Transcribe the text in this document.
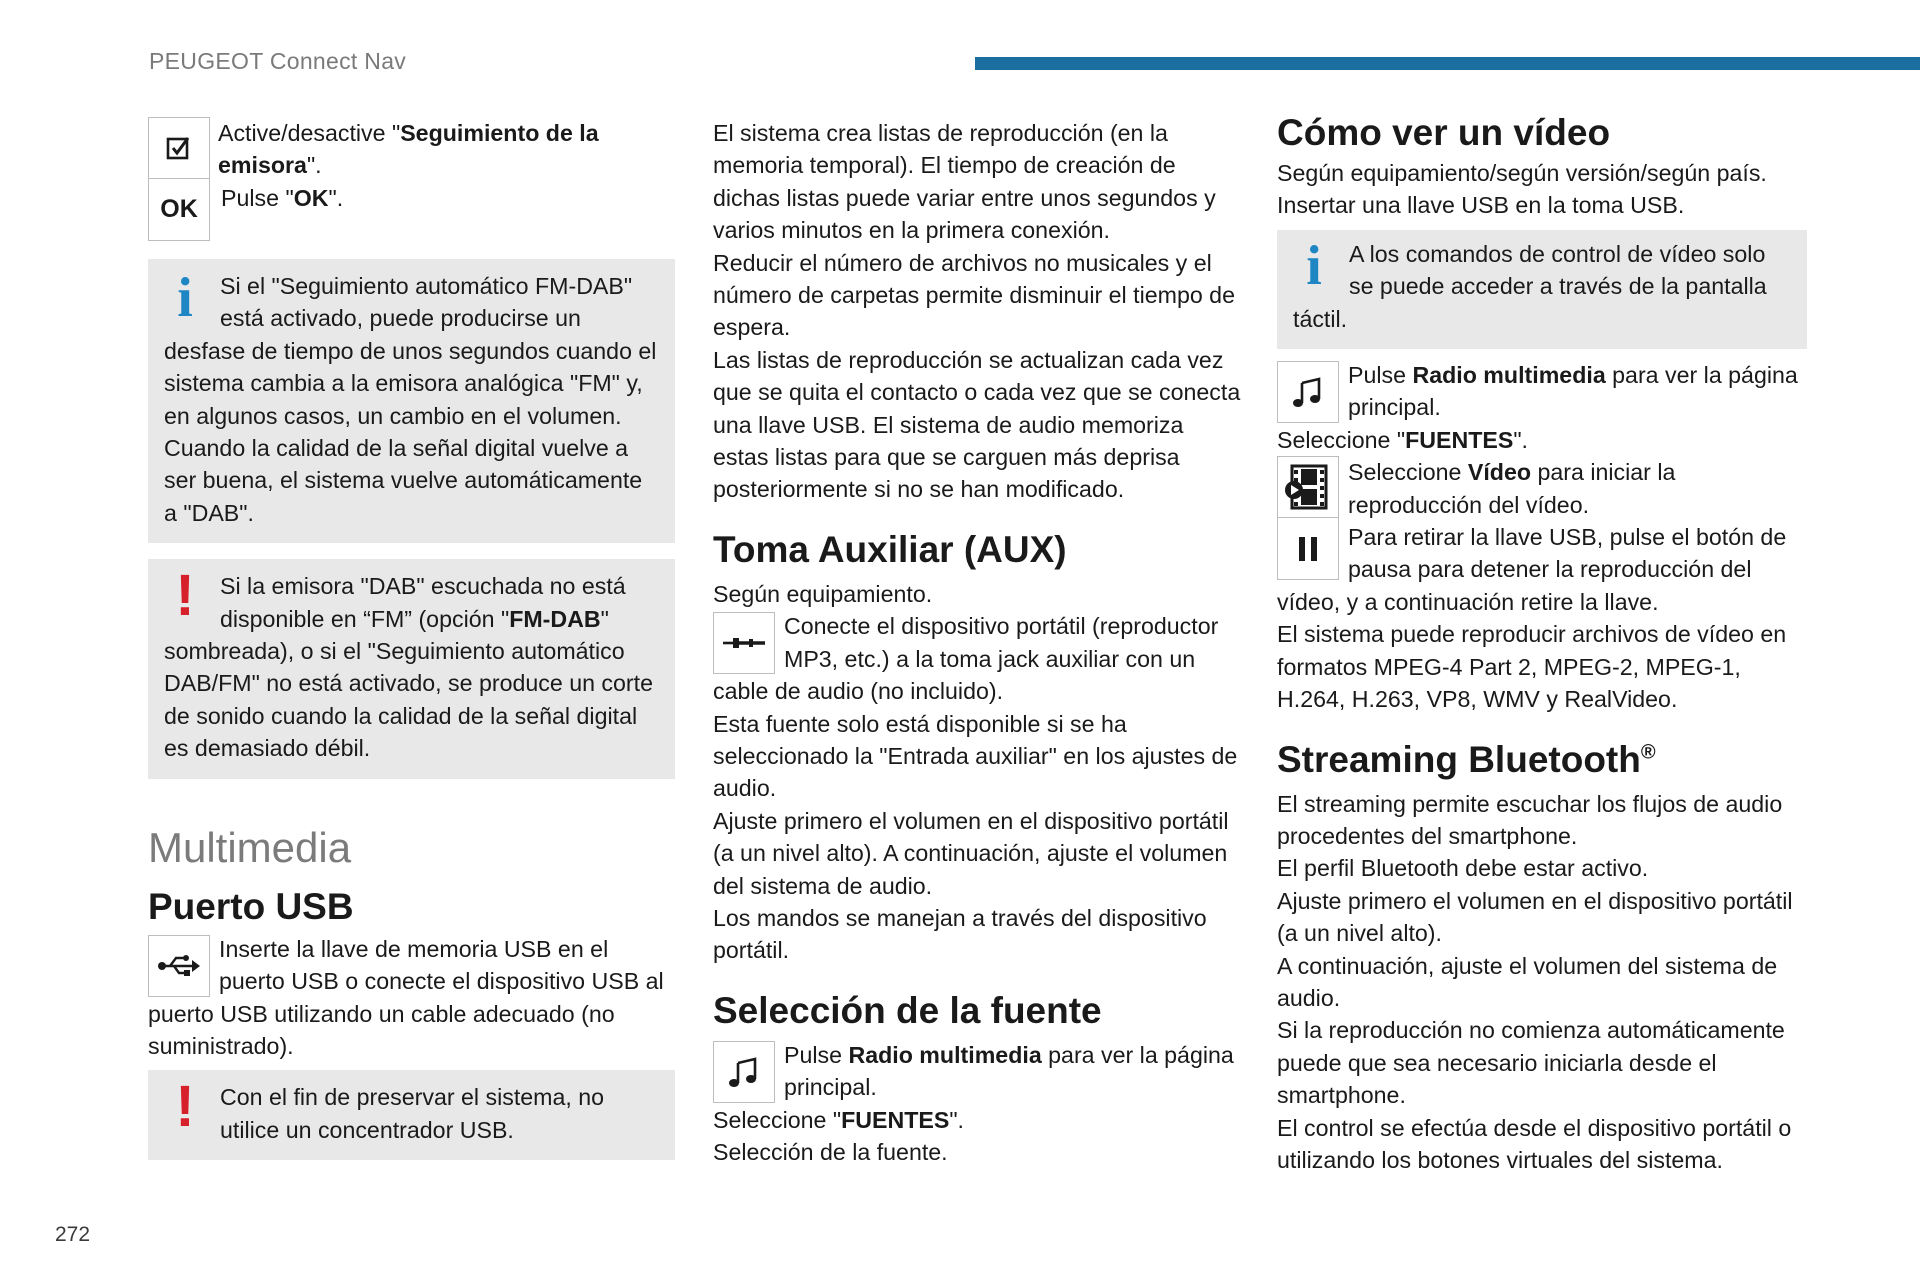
PEUGEOT Connect Nav
OK

Active/desactive "Seguimiento de la emisora".

Pulse "OK".

i	Si el "Seguimiento automático FM-DAB" está activado, puede producirse un desfase de tiempo de unos segundos cuando el sistema cambia a la emisora analógica "FM" y, en algunos casos, un cambio en el volumen.

Cuando la calidad de la señal digital vuelve a ser buena, el sistema vuelve automáticamente a "DAB".

!	Si la emisora "DAB" escuchada no está disponible en “FM” (opción "FM-DAB" sombreada), o si el "Seguimiento automático DAB/FM" no está activado, se produce un corte de sonido cuando la calidad de la señal digital es demasiado débil.

Multimedia
Puerto USB

Inserte la llave de memoria USB en el puerto USB o conecte el dispositivo USB al puerto USB utilizando un cable adecuado (no suministrado).

!	Con el fin de preservar el sistema, no utilice un concentrador USB.

El sistema crea listas de reproducción (en la memoria temporal). El tiempo de creación de dichas listas puede variar entre unos segundos y varios minutos en la primera conexión.

Reducir el número de archivos no musicales y el número de carpetas permite disminuir el tiempo de espera.

Las listas de reproducción se actualizan cada vez que se quita el contacto o cada vez que se conecta una llave USB. El sistema de audio memoriza estas listas para que se carguen más deprisa posteriormente si no se han modificado.

Toma Auxiliar (AUX)

Según equipamiento.

Conecte el dispositivo portátil (reproductor MP3, etc.) a la toma jack auxiliar con un cable de audio (no incluido).

Esta fuente solo está disponible si se ha seleccionado la "Entrada auxiliar" en los ajustes de audio.

Ajuste primero el volumen en el dispositivo portátil (a un nivel alto). A continuación, ajuste el volumen del sistema de audio.

Los mandos se manejan a través del dispositivo portátil.

Selección de la fuente

Pulse Radio multimedia para ver la página principal.

Seleccione "FUENTES".

Selección de la fuente.

Cómo ver un vídeo

Según equipamiento/según versión/según país.

Insertar una llave USB en la toma USB.

i	A los comandos de control de vídeo solo se puede acceder a través de la pantalla táctil.

Pulse Radio multimedia para ver la página principal.

Seleccione "FUENTES".

Seleccione Vídeo para iniciar la reproducción del vídeo.

Para retirar la llave USB, pulse el botón de pausa para detener la reproducción del vídeo, y a continuación retire la llave.

El sistema puede reproducir archivos de vídeo en formatos MPEG-4 Part 2, MPEG-2, MPEG-1, H.264, H.263, VP8, WMV y RealVideo.

Streaming Bluetooth®

El streaming permite escuchar los flujos de audio procedentes del smartphone.

El perfil Bluetooth debe estar activo.

Ajuste primero el volumen en el dispositivo portátil (a un nivel alto).

A continuación, ajuste el volumen del sistema de audio.

Si la reproducción no comienza automáticamente puede que sea necesario iniciarla desde el smartphone.

El control se efectúa desde el dispositivo portátil o utilizando los botones virtuales del sistema.

272
